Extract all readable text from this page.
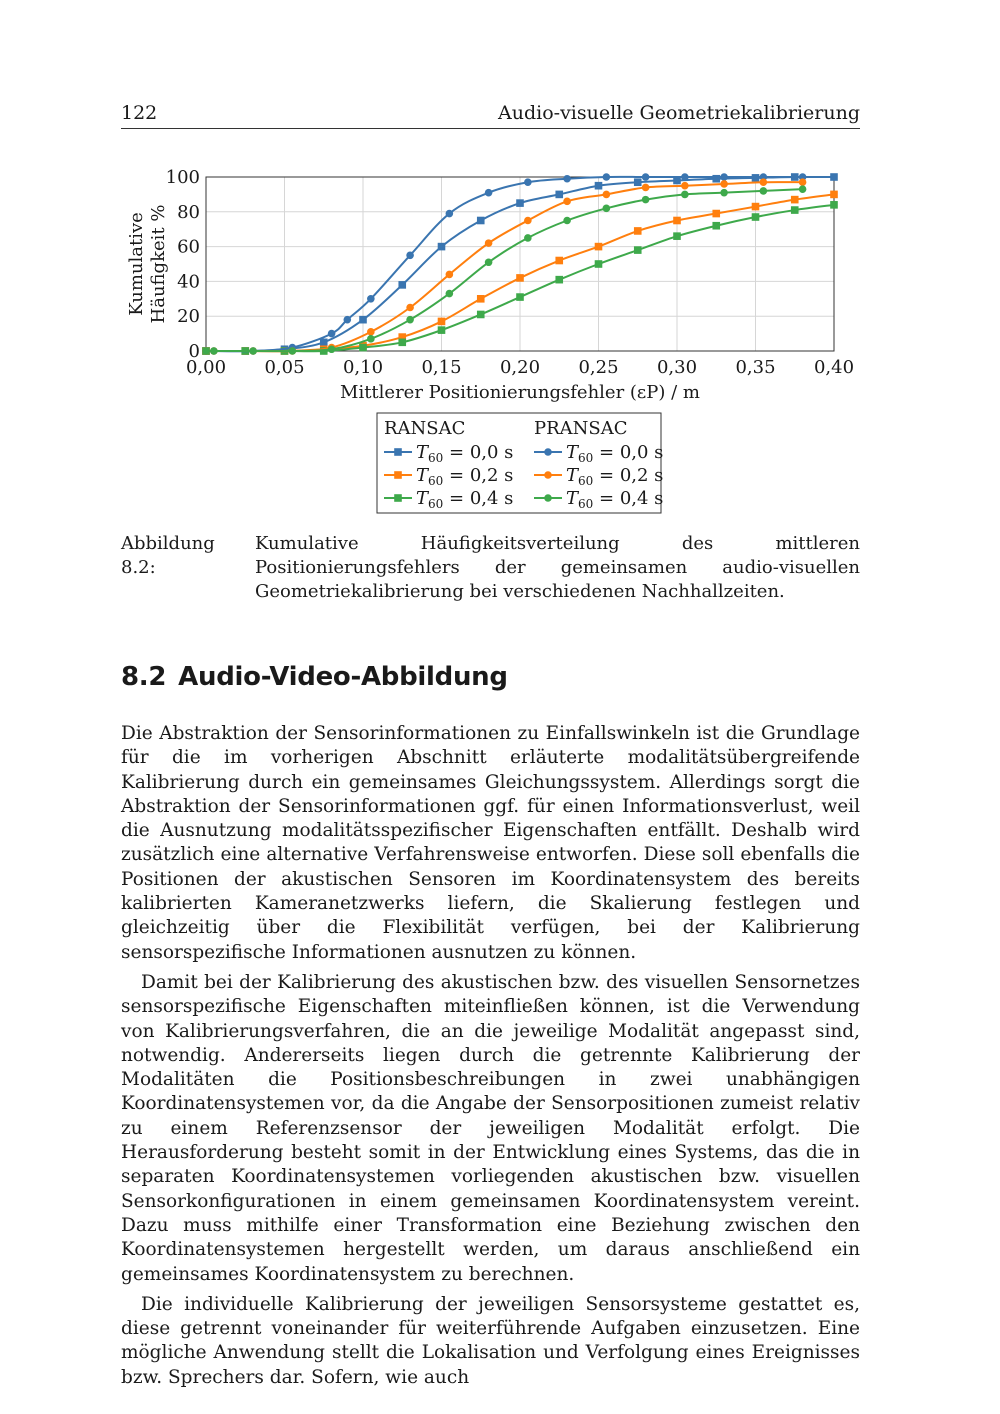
122	Audio-visuelle Geometriekalibrierung
0,00 0,05 0,10 0,15 0,20 0,25 0,30 0,35 0,40
0
20
40
60
80
100
Kumulative Häufigkeit %
Mittlerer Positionierungsfehler (εP) / m
RANSAC	PRANSAC
$T_{60} = 0,0$ s
$T_{60} = 0,2$ s
$T_{60} = 0,4$ s
$T_{60} = 0,0$ s
$T_{60} = 0,2$ s
$T_{60} = 0,4$ s
Abbildung 8.2:
Kumulative Häufigkeitsverteilung des mittleren Positionierungsfehlers der gemeinsamen audio-visuellen Geometriekalibrierung bei verschiedenen Nachhallzeiten.
8.2 Audio-Video-Abbildung

Die Abstraktion der Sensorinformationen zu Einfallswinkeln ist die Grundlage für die im vorherigen Abschnitt erläuterte modalitätsübergreifende Kalibrierung durch ein gemeinsames Gleichungssystem. Allerdings sorgt die Abstraktion der Sensorinformationen ggf. für einen Informationsverlust, weil die Ausnutzung modalitätsspezifischer Eigenschaften entfällt. Deshalb wird zusätzlich eine alternative Verfahrensweise entworfen. Diese soll ebenfalls die Positionen der akustischen Sensoren im Koordinatensystem des bereits kalibrierten Kameranetzwerks liefern, die Skalierung festlegen und gleichzeitig über die Flexibilität verfügen, bei der Kalibrierung sensorspezifische Informationen ausnutzen zu können.

Damit bei der Kalibrierung des akustischen bzw. des visuellen Sensornetzes sensorspezifische Eigenschaften miteinfließen können, ist die Verwendung von Kalibrierungsverfahren, die an die jeweilige Modalität angepasst sind, notwendig. Andererseits liegen durch die getrennte Kalibrierung der Modalitäten die Positionsbeschreibungen in zwei unabhängigen Koordinatensystemen vor, da die Angabe der Sensorpositionen zumeist relativ zu einem Referenzsensor der jeweiligen Modalität erfolgt. Die Herausforderung besteht somit in der Entwicklung eines Systems, das die in separaten Koordinatensystemen vorliegenden akustischen bzw. visuellen Sensorkonfigurationen in einem gemeinsamen Koordinatensystem vereint. Dazu muss mithilfe einer Transformation eine Beziehung zwischen den Koordinatensystemen hergestellt werden, um daraus anschließend ein gemeinsames Koordinatensystem zu berechnen.

Die individuelle Kalibrierung der jeweiligen Sensorsysteme gestattet es, diese getrennt voneinander für weiterführende Aufgaben einzusetzen. Eine mögliche Anwendung stellt die Lokalisation und Verfolgung eines Ereignisses bzw. Sprechers dar. Sofern, wie auch
